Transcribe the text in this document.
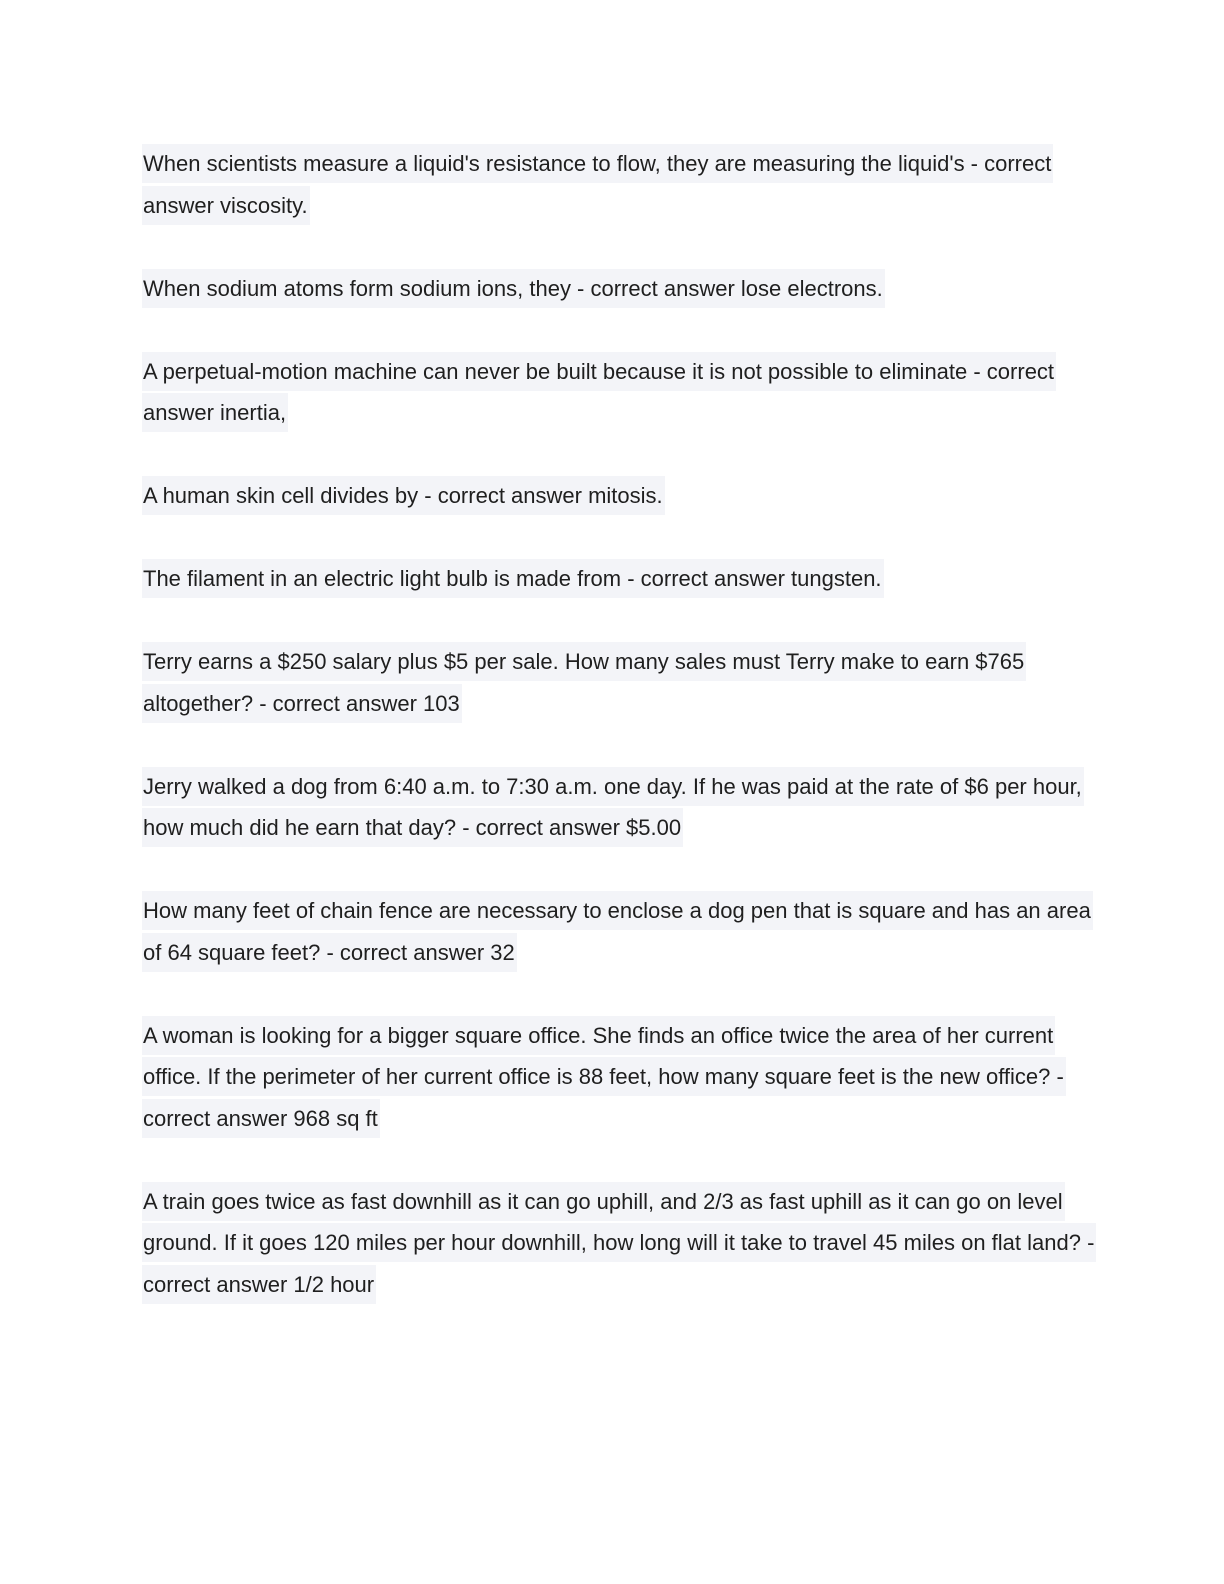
When scientists measure a liquid's resistance to flow, they are measuring the liquid's - correct answer viscosity.

When sodium atoms form sodium ions, they - correct answer lose electrons.

A perpetual-motion machine can never be built because it is not possible to eliminate - correct answer inertia,

A human skin cell divides by - correct answer mitosis.

The filament in an electric light bulb is made from - correct answer tungsten.

Terry earns a $250 salary plus $5 per sale. How many sales must Terry make to earn $765 altogether? - correct answer 103

Jerry walked a dog from 6:40 a.m. to 7:30 a.m. one day. If he was paid at the rate of $6 per hour, how much did he earn that day? - correct answer $5.00

How many feet of chain fence are necessary to enclose a dog pen that is square and has an area of 64 square feet? - correct answer 32

A woman is looking for a bigger square office. She finds an office twice the area of her current office. If the perimeter of her current office is 88 feet, how many square feet is the new office? - correct answer 968 sq ft

A train goes twice as fast downhill as it can go uphill, and 2/3 as fast uphill as it can go on level ground. If it goes 120 miles per hour downhill, how long will it take to travel 45 miles on flat land? - correct answer 1/2 hour
